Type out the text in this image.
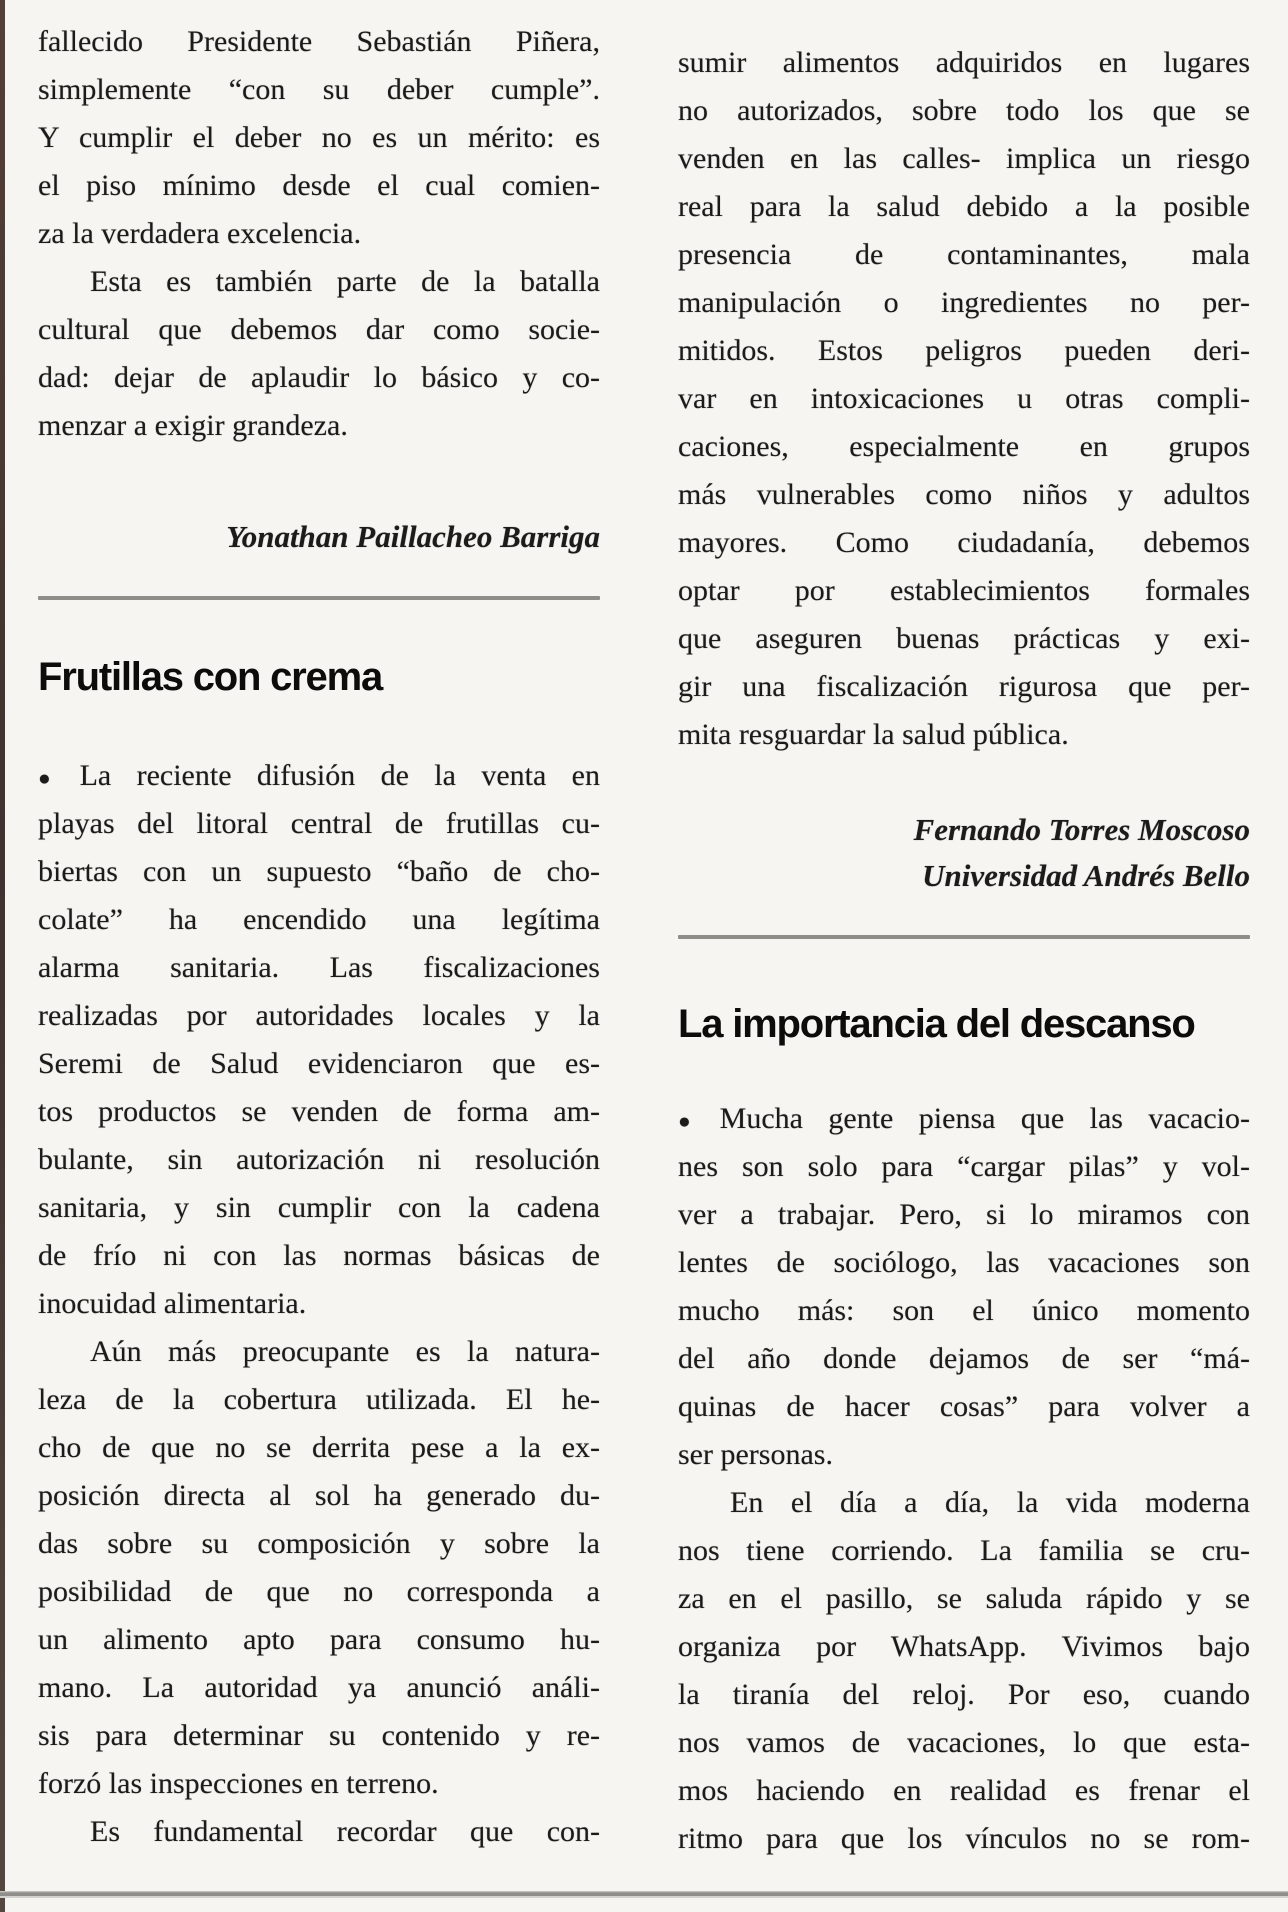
fallecido Presidente Sebastián Piñera,
simplemente “con su deber cumple”.
Y cumplir el deber no es un mérito: es
el piso mínimo desde el cual comien-
za la verdadera excelencia.
Esta es también parte de la batalla
cultural que debemos dar como socie-
dad: dejar de aplaudir lo básico y co-
menzar a exigir grandeza.
Yonathan Paillacheo Barriga
Frutillas con crema
● La reciente difusión de la venta en
playas del litoral central de frutillas cu-
biertas con un supuesto “baño de cho-
colate” ha encendido una legítima
alarma sanitaria. Las fiscalizaciones
realizadas por autoridades locales y la
Seremi de Salud evidenciaron que es-
tos productos se venden de forma am-
bulante, sin autorización ni resolución
sanitaria, y sin cumplir con la cadena
de frío ni con las normas básicas de
inocuidad alimentaria.
Aún más preocupante es la natura-
leza de la cobertura utilizada. El he-
cho de que no se derrita pese a la ex-
posición directa al sol ha generado du-
das sobre su composición y sobre la
posibilidad de que no corresponda a
un alimento apto para consumo hu-
mano. La autoridad ya anunció análi-
sis para determinar su contenido y re-
forzó las inspecciones en terreno.
Es fundamental recordar que con-
sumir alimentos adquiridos en lugares
no autorizados, sobre todo los que se
venden en las calles- implica un riesgo
real para la salud debido a la posible
presencia de contaminantes, mala
manipulación o ingredientes no per-
mitidos. Estos peligros pueden deri-
var en intoxicaciones u otras compli-
caciones, especialmente en grupos
más vulnerables como niños y adultos
mayores. Como ciudadanía, debemos
optar por establecimientos formales
que aseguren buenas prácticas y exi-
gir una fiscalización rigurosa que per-
mita resguardar la salud pública.
Fernando Torres Moscoso
Universidad Andrés Bello
La importancia del descanso
● Mucha gente piensa que las vacacio-
nes son solo para “cargar pilas” y vol-
ver a trabajar. Pero, si lo miramos con
lentes de sociólogo, las vacaciones son
mucho más: son el único momento
del año donde dejamos de ser “má-
quinas de hacer cosas” para volver a
ser personas.
En el día a día, la vida moderna
nos tiene corriendo. La familia se cru-
za en el pasillo, se saluda rápido y se
organiza por WhatsApp. Vivimos bajo
la tiranía del reloj. Por eso, cuando
nos vamos de vacaciones, lo que esta-
mos haciendo en realidad es frenar el
ritmo para que los vínculos no se rom-
